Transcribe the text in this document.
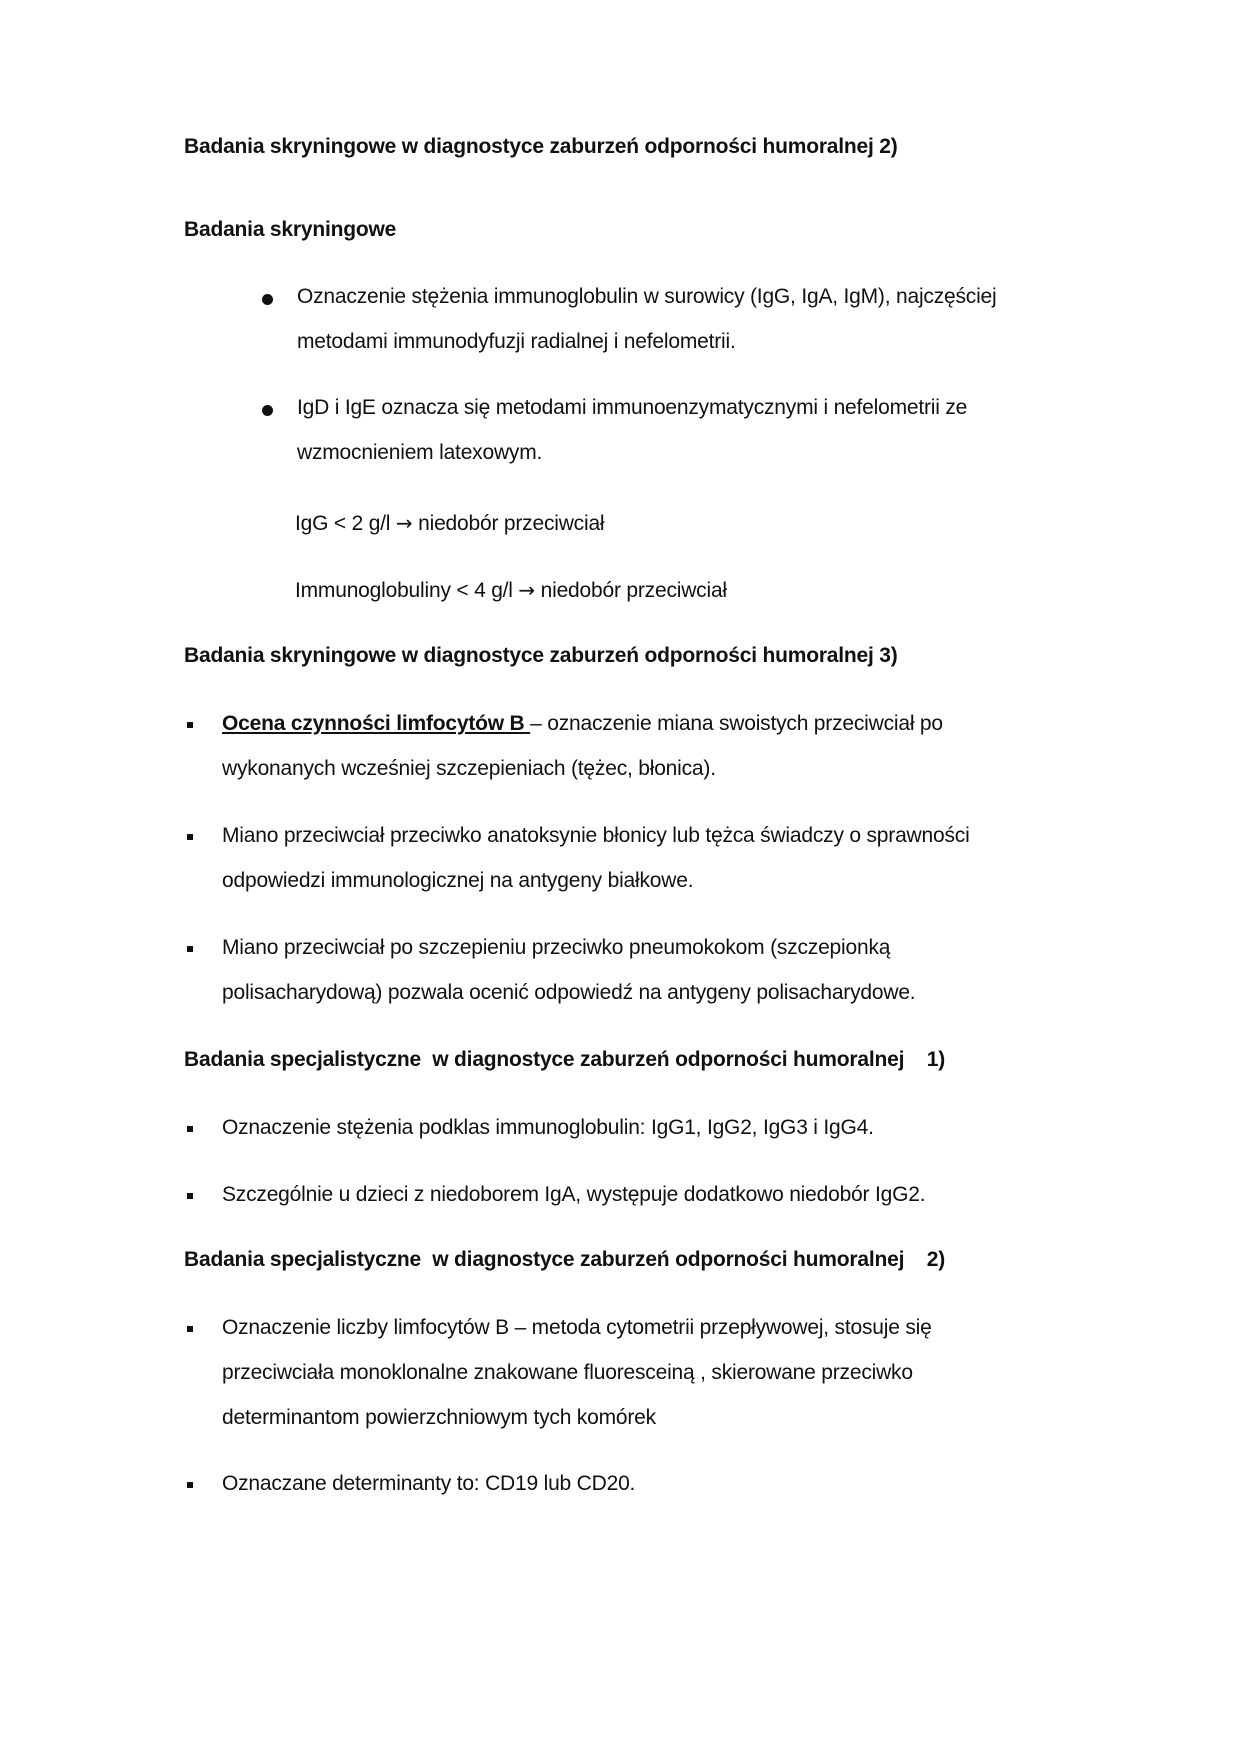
Badania skryningowe w diagnostyce zaburzeń odporności humoralnej 2)
Badania skryningowe
Oznaczenie stężenia immunoglobulin w surowicy (IgG, IgA, IgM), najczęściej
metodami immunodyfuzji radialnej i nefelometrii.
IgD i IgE oznacza się metodami immunoenzymatycznymi i nefelometrii ze
wzmocnieniem latexowym.
IgG < 2 g/l → niedobór przeciwciał
Immunoglobuliny < 4 g/l → niedobór przeciwciał
Badania skryningowe w diagnostyce zaburzeń odporności humoralnej 3)
Ocena czynności limfocytów B – oznaczenie miana swoistych przeciwciał po
wykonanych wcześniej szczepieniach (tężec, błonica).
Miano przeciwciał przeciwko anatoksynie błonicy lub tężca świadczy o sprawności
odpowiedzi immunologicznej na antygeny białkowe.
Miano przeciwciał po szczepieniu przeciwko pneumokokom (szczepionką
polisacharydową) pozwala ocenić odpowiedź na antygeny polisacharydowe.
Badania specjalistyczne  w diagnostyce zaburzeń odporności humoralnej    1)
Oznaczenie stężenia podklas immunoglobulin: IgG1, IgG2, IgG3 i IgG4.
Szczególnie u dzieci z niedoborem IgA, występuje dodatkowo niedobór IgG2.
Badania specjalistyczne  w diagnostyce zaburzeń odporności humoralnej    2)
Oznaczenie liczby limfocytów B – metoda cytometrii przepływowej, stosuje się
przeciwciała monoklonalne znakowane fluoresceiną , skierowane przeciwko
determinantom powierzchniowym tych komórek
Oznaczane determinanty to: CD19 lub CD20.
